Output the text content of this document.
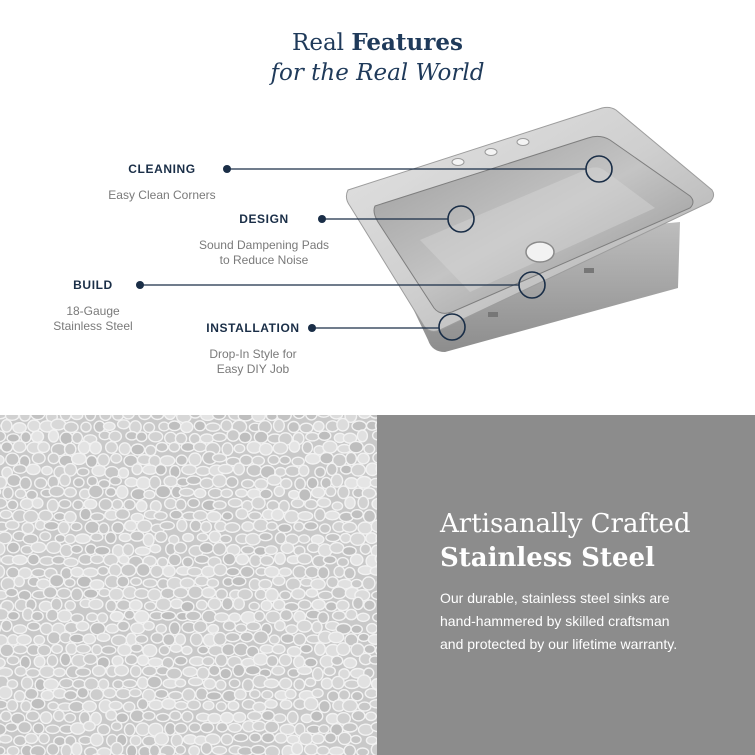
Real Features
for the Real World
CLEANING
Easy Clean Corners
DESIGN
Sound Dampening Pads
to Reduce Noise
BUILD
18-Gauge
Stainless Steel	INSTALLATION
Drop-In Style for
Easy DIY Job
Artisanally Crafted
Stainless Steel
Our durable, stainless steel sinks are
hand-hammered by skilled craftsman
and protected by our lifetime warranty.
